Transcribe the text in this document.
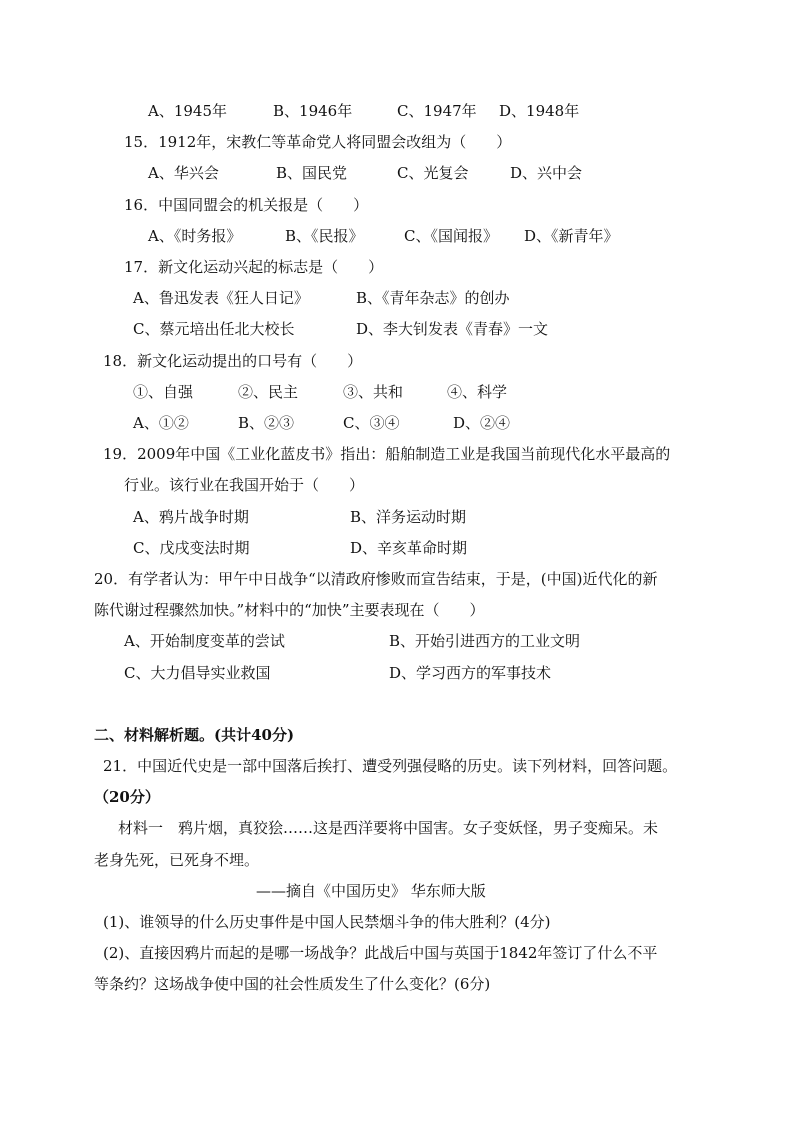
A、1945年	B、1946年	C、1947年 D、1948年
15．1912年，宋教仁等革命党人将同盟会改组为（　　）
A、华兴会	B、国民党	C、光复会	D、兴中会
16．中国同盟会的机关报是（　　）
A、《时务报》	B、《民报》	C、《国闻报》 D、《新青年》
17．新文化运动兴起的标志是（　　）
A、鲁迅发表《狂人日记》	B、《青年杂志》的创办
C、蔡元培出任北大校长	D、李大钊发表《青春》一文
18．新文化运动提出的口号有（　　）
①、自强	②、民主	③、共和	④、科学
A、①②	B、②③	C、③④	D、②④
19．2009年中国《工业化蓝皮书》指出：船舶制造工业是我国当前现代化水平最高的
行业。该行业在我国开始于（　　）
A、鸦片战争时期	B、洋务运动时期
C、戊戌变法时期	D、辛亥革命时期
20．有学者认为：甲午中日战争“以清政府惨败而宣告结束，于是，(中国)近代化的新
陈代谢过程骤然加快。”材料中的“加快”主要表现在（　　）
A、开始制度变革的尝试	B、开始引进西方的工业文明
C、大力倡导实业救国	D、学习西方的军事技术
二、材料解析题。(共计40分)
21．中国近代史是一部中国落后挨打、遭受列强侵略的历史。读下列材料，回答问题。
（20分）
材料一　鸦片烟，真狡狯……这是西洋要将中国害。女子变妖怪，男子变痴呆。未
老身先死，已死身不埋。
——摘自《中国历史》 华东师大版
(1)、谁领导的什么历史事件是中国人民禁烟斗争的伟大胜利？(4分)
(2)、直接因鸦片而起的是哪一场战争？此战后中国与英国于1842年签订了什么不平
等条约？这场战争使中国的社会性质发生了什么变化？(6分)
